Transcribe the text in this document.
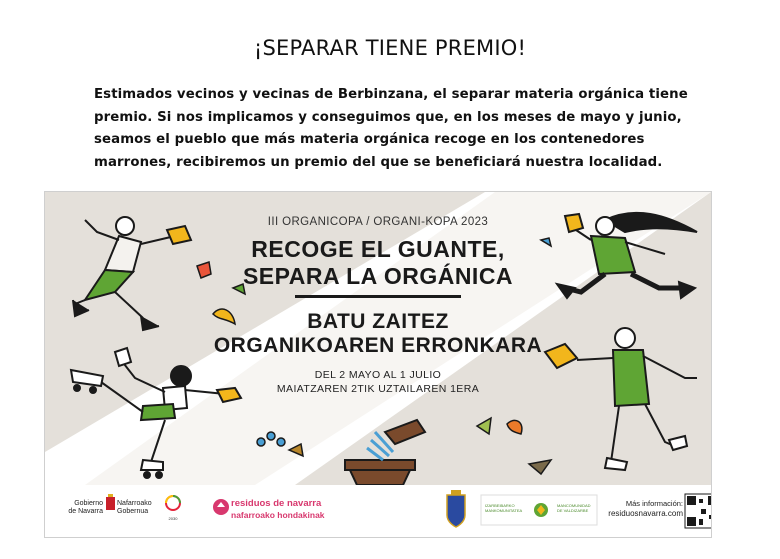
¡SEPARAR TIENE PREMIO!
Estimados vecinos y vecinas de Berbinzana, el separar materia orgánica tiene
premio. Si nos implicamos y conseguimos que, en los meses de mayo y junio,
seamos el pueblo que más materia orgánica recoge en los contenedores
marrones, recibiremos un premio del que se beneficiará nuestra localidad.
III ORGANICOPA / ORGANI-KOPA 2023
RECOGE EL GUANTE,
SEPARA LA ORGÁNICA
BATU ZAITEZ
ORGANIKOAREN ERRONKARA
DEL 2 MAYO AL 1 JULIO
MAIATZAREN 2TIK UZTAILAREN 1ERA
2030
Gobierno
de Navarra
Nafarroako
Gobernua
residuos de navarra
nafarroako hondakinak
IZARBEIBARKO
MANKOMUNITATEA
MANCOMUNIDAD
DE VALDIZARBE
Más información:
residuosnavarra.com
